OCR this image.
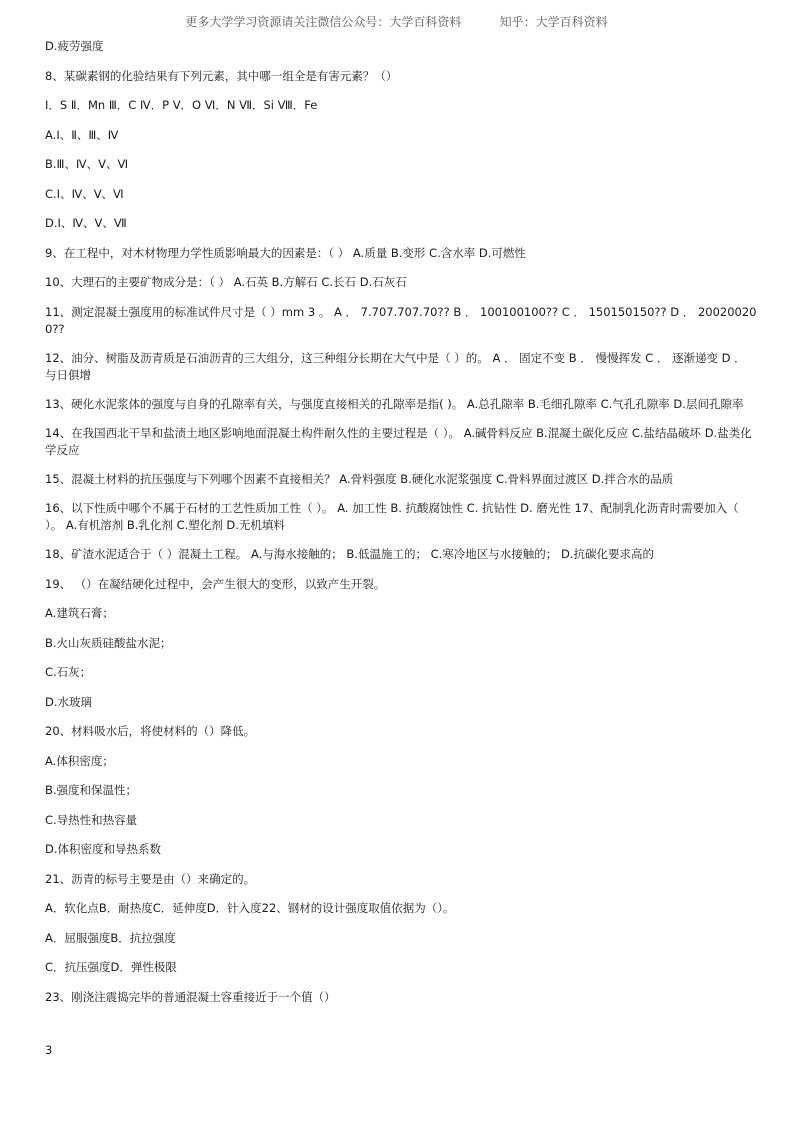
更多大学学习资源请关注微信公众号：大学百科资料          知乎：大学百科资料

D.疲劳强度

8、某碳素钢的化验结果有下列元素，其中哪一组全是有害元素？（）

I．S Ⅱ．Mn Ⅲ．C Ⅳ．P Ⅴ．O Ⅵ．N Ⅶ．Si Ⅷ．Fe

A.Ⅰ、Ⅱ、Ⅲ、Ⅳ

B.Ⅲ、Ⅳ、Ⅴ、Ⅵ

C.Ⅰ、Ⅳ、Ⅴ、Ⅵ

D.Ⅰ、Ⅳ、Ⅴ、Ⅶ

9、在工程中，对木材物理力学性质影响最大的因素是：（ ） A.质量 B.变形 C.含水率 D.可燃性

10、大理石的主要矿物成分是：（ ） A.石英 B.方解石 C.长石 D.石灰石

11、测定混凝土强度用的标准试件尺寸是（ ）mm 3 。 A ． 7.707.707.70?? B ． 100100100?? C ． 150150150?? D ． 200200200??

12、油分、树脂及沥青质是石油沥青的三大组分，这三种组分长期在大气中是（ ）的。 A ． 固定不变 B ． 慢慢挥发 C ． 逐渐递变 D ． 与日俱增

13、硬化水泥浆体的强度与自身的孔隙率有关，与强度直接相关的孔隙率是指( )。 A.总孔隙率 B.毛细孔隙率 C.气孔孔隙率 D.层间孔隙率

14、在我国西北干旱和盐渍土地区影响地面混凝土构件耐久性的主要过程是（ ）。 A.碱骨料反应 B.混凝土碳化反应 C.盐结晶破坏 D.盐类化学反应

15、混凝土材料的抗压强度与下列哪个因素不直接相关？ A.骨料强度 B.硬化水泥浆强度 C.骨料界面过渡区 D.拌合水的品质

16、以下性质中哪个不属于石材的工艺性质加工性（ ）。 A. 加工性 B. 抗酸腐蚀性 C. 抗钻性 D. 磨光性 17、配制乳化沥青时需要加入（ ）。 A.有机溶剂 B.乳化剂 C.塑化剂 D.无机填料

18、矿渣水泥适合于（ ）混凝土工程。 A.与海水接触的； B.低温施工的； C.寒冷地区与水接触的； D.抗碳化要求高的

19、 （）在凝结硬化过程中，会产生很大的变形，以致产生开裂。

A.建筑石膏；

B.火山灰质硅酸盐水泥；

C.石灰；

D.水玻璃

20、材料吸水后，将使材料的（）降低。

A.体积密度；

B.强度和保温性；

C.导热性和热容量

D.体积密度和导热系数

21、沥青的标号主要是由（）来确定的。

A．软化点B．耐热度C．延伸度D．针入度22、钢材的设计强度取值依据为（）。

A．屈服强度B．抗拉强度

C．抗压强度D．弹性极限

23、刚浇注震捣完毕的普通混凝土容重接近于一个值（）

3
